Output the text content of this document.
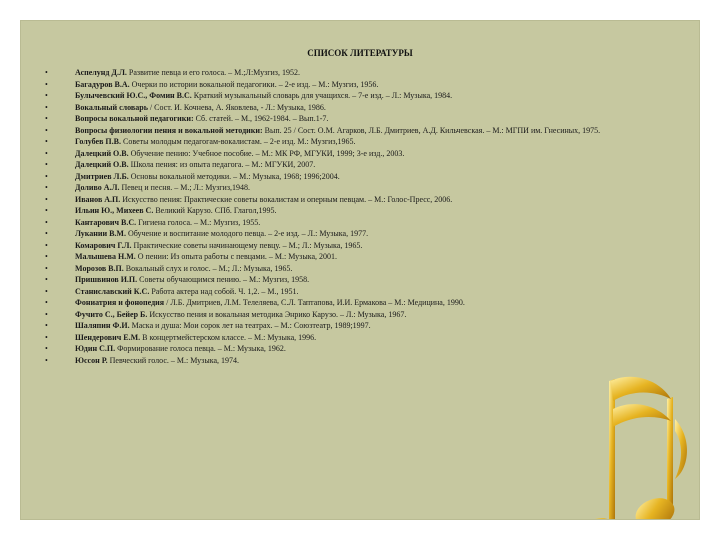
СПИСОК ЛИТЕРАТУРЫ
• Аспелунд Д.Л. Развитие певца и его голоса. – М.;Л:Музгиз, 1952.
• Багадуров В.А. Очерки по истории вокальной педагогики. – 2-е изд. – М.: Музгиз, 1956.
• Булычевский Ю.С., Фомин В.С. Краткий музыкальный словарь для учащихся. – 7-е изд. – Л.: Музыка, 1984.
• Вокальный словарь / Сост. И. Кочнева, А. Яковлева, - Л.: Музыка, 1986.
• Вопросы вокальной педагогики: Сб. статей. – М., 1962-1984. – Вып.1-7.
• Вопросы физиологии пения и вокальной методики: Вып. 25 / Сост. О.М. Агарков, Л.Б. Дмитриев, А.Д. Кильчевская. – М.: МГПИ им. Гнесиных, 1975.
• Голубев П.В. Советы молодым педагогам-вокалистам. – 2-е изд. М.: Музгиз,1965.
• Далецкий О.В. Обучение пению: Учебное пособие. – М.: МК РФ, МГУКИ, 1999; 3-е изд., 2003.
• Далецкий О.В. Школа пения: из опыта педагога. – М.: МГУКИ, 2007.
• Дмитриев Л.Б. Основы вокальной методики. – М.: Музыка, 1968; 1996;2004.
• Доливо А.Л. Певец и песня. – М.; Л.: Музгиз,1948.
• Иванов А.П. Искусство пения: Практические советы вокалистам и оперным певцам. – М.: Голос-Пресс, 2006.
• Ильин Ю., Михеев С. Великий Карузо. СПб. Глагол,1995.
• Кантарович В.С. Гигиена голоса. – М.: Музгиз, 1955.
• Лукании В.М. Обучение и воспитание молодого певца. – 2-е изд. – Л.: Музыка, 1977.
• Комарович Г.Л. Практические советы начинающему певцу. – М.; Л.: Музыка, 1965.
• Малышева Н.М. О пении: Из опыта работы с певцами. – М.: Музыка, 2001.
• Морозов В.П. Вокальный слух и голос. – М.; Л.: Музыка, 1965.
• Пришвинов И.П. Советы обучающимся пению. – М.: Музгиз, 1958.
• Станиславский К.С. Работа актера над собой. Ч. 1,2. – М., 1951.
• Фониатрия и фонопедия / Л.Б. Дмитриев, Л.М. Телеляева, С.Л. Таптапова, И.И. Ермакова – М.: Медицина, 1990.
• Фучито С., Бейер Б. Искусство пения и вокальная методика Энрико Карузо. – Л.: Музыка, 1967.
• Шаляпин Ф.И. Маска и душа: Мои сорок лет на театрах. – М.: Союзтеатр, 1989;1997.
• Шендерович Е.М. В концертмейстерском классе. – М.: Музыка, 1996.
• Юдин С.П. Формирование голоса певца. – М.: Музыка, 1962.
• Юссон Р. Певческий голос. – М.: Музыка, 1974.
